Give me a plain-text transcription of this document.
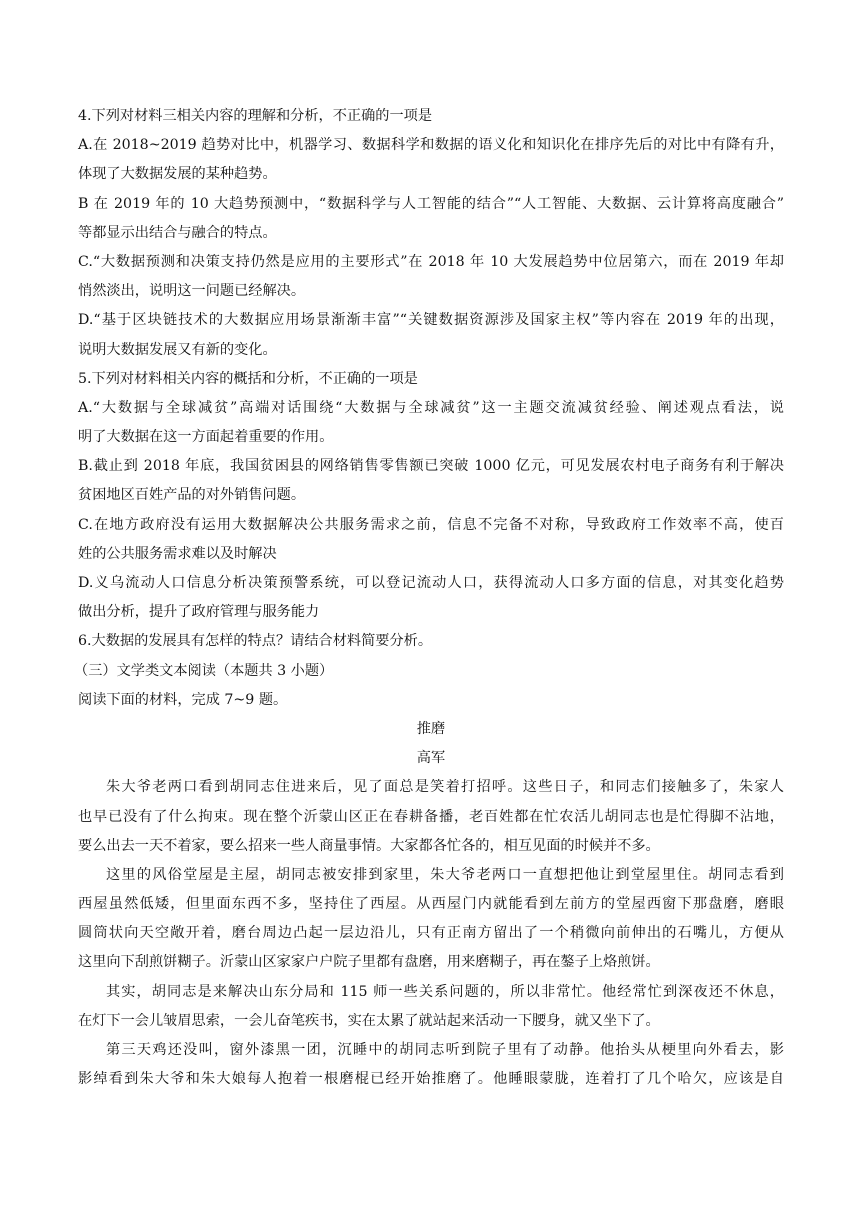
4.下列对材料三相关内容的理解和分析，不正确的一项是
A.在 2018~2019 趋势对比中，机器学习、数据科学和数据的语义化和知识化在排序先后的对比中有降有升，
体现了大数据发展的某种趋势。
B 在 2019 年的 10 大趋势预测中，“数据科学与人工智能的结合”“人工智能、大数据、云计算将高度融合”
等都显示出结合与融合的特点。
C.“大数据预测和决策支持仍然是应用的主要形式”在 2018 年 10 大发展趋势中位居第六，而在 2019 年却
悄然淡出，说明这一问题已经解决。
D.“基于区块链技术的大数据应用场景渐渐丰富”“关键数据资源涉及国家主权”等内容在 2019 年的出现，
说明大数据发展又有新的变化。
5.下列对材料相关内容的概括和分析，不正确的一项是
A.“大数据与全球减贫”高端对话围绕“大数据与全球减贫”这一主题交流减贫经验、阐述观点看法，说
明了大数据在这一方面起着重要的作用。
B.截止到 2018 年底，我国贫困县的网络销售零售额已突破 1000 亿元，可见发展农村电子商务有利于解决
贫困地区百姓产品的对外销售问题。
C.在地方政府没有运用大数据解决公共服务需求之前，信息不完备不对称，导致政府工作效率不高，使百
姓的公共服务需求难以及时解决
D.义乌流动人口信息分析决策预警系统，可以登记流动人口，获得流动人口多方面的信息，对其变化趋势
做出分析，提升了政府管理与服务能力
6.大数据的发展具有怎样的特点？请结合材料简要分析。
（三）文学类文本阅读（本题共 3 小题）
阅读下面的材料，完成 7~9 题。
推磨
高军
朱大爷老两口看到胡同志住进来后，见了面总是笑着打招呼。这些日子，和同志们接触多了，朱家人
也早已没有了什么拘束。现在整个沂蒙山区正在春耕备播，老百姓都在忙农活儿胡同志也是忙得脚不沾地，
要么出去一天不着家，要么招来一些人商量事情。大家都各忙各的，相互见面的时候并不多。
这里的风俗堂屋是主屋，胡同志被安排到家里，朱大爷老两口一直想把他让到堂屋里住。胡同志看到
西屋虽然低矮，但里面东西不多，坚持住了西屋。从西屋门内就能看到左前方的堂屋西窗下那盘磨，磨眼
圆筒状向天空敞开着，磨台周边凸起一层边沿儿，只有正南方留出了一个稍微向前伸出的石嘴儿，方便从
这里向下刮煎饼糊子。沂蒙山区家家户户院子里都有盘磨，用来磨糊子，再在鏊子上烙煎饼。
其实，胡同志是来解决山东分局和 115 师一些关系问题的，所以非常忙。他经常忙到深夜还不休息，
在灯下一会儿皱眉思索，一会儿奋笔疾书，实在太累了就站起来活动一下腰身，就又坐下了。
第三天鸡还没叫，窗外漆黑一团，沉睡中的胡同志听到院子里有了动静。他抬头从梗里向外看去，影
影绰看到朱大爷和朱大娘每人抱着一根磨棍已经开始推磨了。他睡眼蒙胧，连着打了几个哈欠，应该是自
